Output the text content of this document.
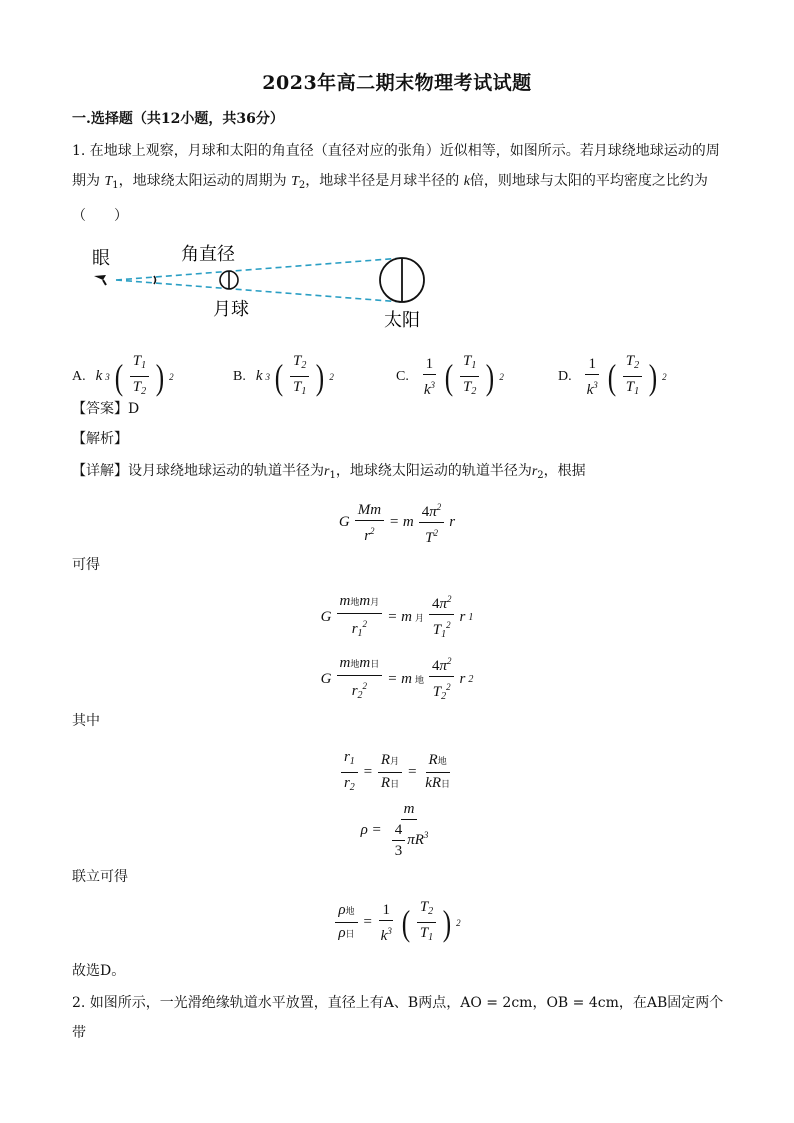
2023年高二期末物理考试试题
一.选择题（共12小题，共36分）
1. 在地球上观察，月球和太阳的角直径（直径对应的张角）近似相等，如图所示。若月球绕地球运动的周
期为 $T_1$，地球绕太阳运动的周期为 $T_2$，地球半径是月球半径的 k倍，则地球与太阳的平均密度之比约为
（　　）
眼	角直径
月球
太阳
A. k 3 ( $\frac{T_1}{T_2}$ ) 2	B. k 3 ( $\frac{T_2}{T_1}$ ) 2	C. $\frac{1}{k^3}$ ( $\frac{T_1}{T_2}$ ) 2	D. $\frac{1}{k^3}$ ( $\frac{T_2}{T_1}$ ) 2
【答案】D
【解析】
【详解】设月球绕地球运动的轨道半径为$r_1$，地球绕太阳运动的轨道半径为$r_2$，根据
G $\frac{Mm}{r^2} = m \frac{4\pi^2}{T^2}$ r
可得
G $\frac{\text{m地m月}}{r_1^2} = m$ 月 $\frac{4\pi^2}{T_1^2}$ r 1
G $\frac{\text{m地m日}}{r_2^2} = m$ 地 $\frac{4\pi^2}{T_2^2}$ r 2
其中
$\frac{r_1}{r_2} = \frac{\text{R月}}{\text{R日}} = \frac{\text{R地}}{\text{kR日}}$
$\rho = \frac{m}{\frac{4}{3} \pi R^3}$
联立可得
$\frac{\text{ρ地}}{\text{ρ日}} = \frac{1}{k^3}$ ( $\frac{T_2}{T_1}$ ) 2
故选D。
2. 如图所示，一光滑绝缘轨道水平放置，直径上有A、B两点，AO = 2cm，OB = 4cm，在AB固定两个带
